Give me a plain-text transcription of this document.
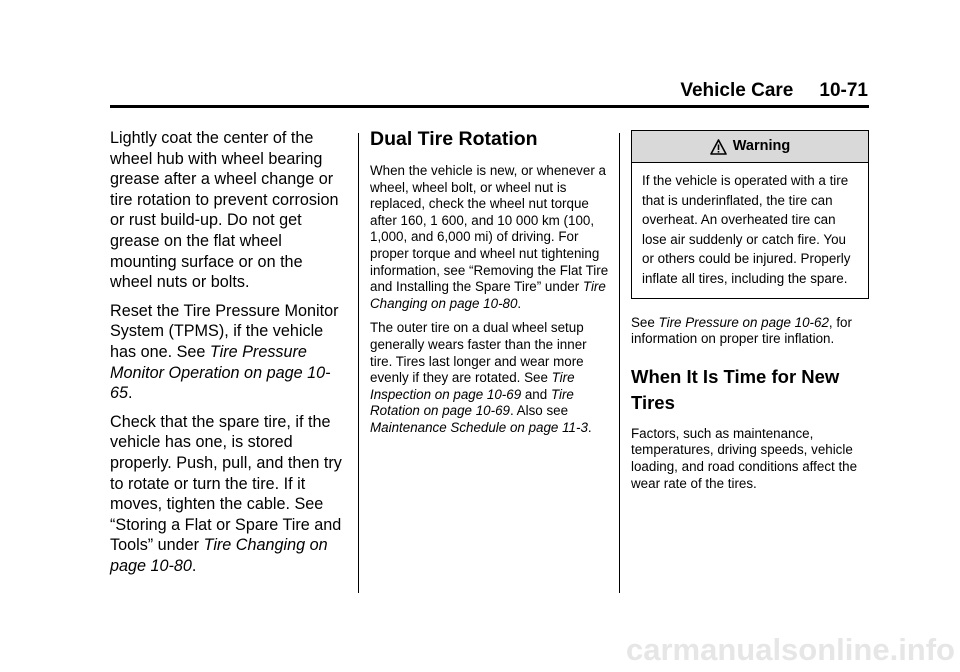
Vehicle Care 10-71

Lightly coat the center of the wheel hub with wheel bearing grease after a wheel change or tire rotation to prevent corrosion or rust build-up. Do not get grease on the flat wheel mounting surface or on the wheel nuts or bolts.

Reset the Tire Pressure Monitor System (TPMS), if the vehicle has one. See Tire Pressure Monitor Operation on page 10-65.

Check that the spare tire, if the vehicle has one, is stored properly. Push, pull, and then try to rotate or turn the tire. If it moves, tighten the cable. See “Storing a Flat or Spare Tire and Tools” under Tire Changing on page 10-80.

Dual Tire Rotation

When the vehicle is new, or whenever a wheel, wheel bolt, or wheel nut is replaced, check the wheel nut torque after 160, 1 600, and 10 000 km (100, 1,000, and 6,000 mi) of driving. For proper torque and wheel nut tightening information, see “Removing the Flat Tire and Installing the Spare Tire” under Tire Changing on page 10-80.

The outer tire on a dual wheel setup generally wears faster than the inner tire. Tires last longer and wear more evenly if they are rotated. See Tire Inspection on page 10-69 and Tire Rotation on page 10-69. Also see Maintenance Schedule on page 11-3.

Warning
If the vehicle is operated with a tire that is underinflated, the tire can overheat. An overheated tire can lose air suddenly or catch fire. You or others could be injured. Properly inflate all tires, including the spare.

See Tire Pressure on page 10-62, for information on proper tire inflation.

When It Is Time for New Tires

Factors, such as maintenance, temperatures, driving speeds, vehicle loading, and road conditions affect the wear rate of the tires.

carmanualsonline.info
